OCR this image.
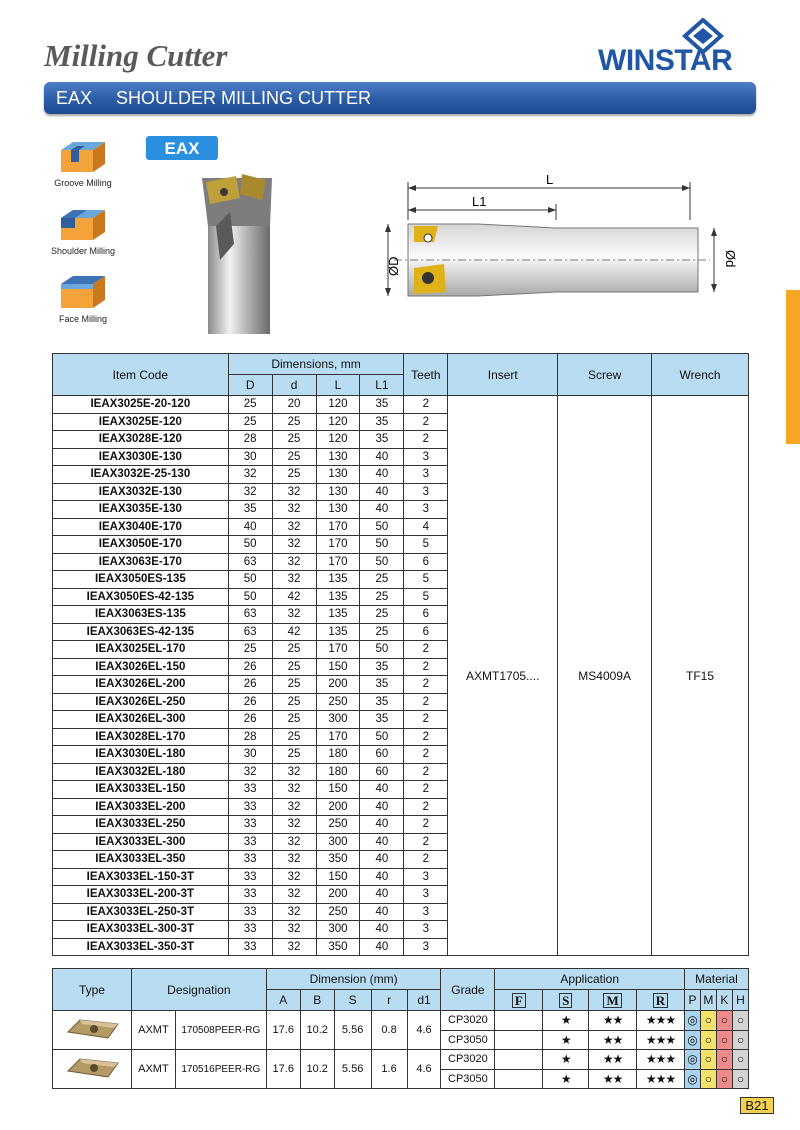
Milling Cutter	WINSTAR
EAX SHOULDER MILLING CUTTER
Groove Milling
Shoulder Milling
Face Milling
EAX
L
L1
ØD	Ød
Item Code	Dimensions, mm				Teeth	Insert	Screw	Wrench
	D	d	L	L1				
IEAX3025E-20-120	25	20	120	35	2	AXMT1705....	MS4009A	TF15
IEAX3025E-120	25	25	120	35	2			
IEAX3028E-120	28	25	120	35	2			
IEAX3030E-130	30	25	130	40	3			
IEAX3032E-25-130	32	25	130	40	3			
IEAX3032E-130	32	32	130	40	3			
IEAX3035E-130	35	32	130	40	3			
IEAX3040E-170	40	32	170	50	4			
IEAX3050E-170	50	32	170	50	5			
IEAX3063E-170	63	32	170	50	6			
IEAX3050ES-135	50	32	135	25	5			
IEAX3050ES-42-135	50	42	135	25	5			
IEAX3063ES-135	63	32	135	25	6			
IEAX3063ES-42-135	63	42	135	25	6			
IEAX3025EL-170	25	25	170	50	2			
IEAX3026EL-150	26	25	150	35	2			
IEAX3026EL-200	26	25	200	35	2			
IEAX3026EL-250	26	25	250	35	2			
IEAX3026EL-300	26	25	300	35	2			
IEAX3028EL-170	28	25	170	50	2			
IEAX3030EL-180	30	25	180	60	2			
IEAX3032EL-180	32	32	180	60	2			
IEAX3033EL-150	33	32	150	40	2			
IEAX3033EL-200	33	32	200	40	2			
IEAX3033EL-250	33	32	250	40	2			
IEAX3033EL-300	33	32	300	40	2			
IEAX3033EL-350	33	32	350	40	2			
IEAX3033EL-150-3T	33	32	150	40	3			
IEAX3033EL-200-3T	33	32	200	40	3			
IEAX3033EL-250-3T	33	32	250	40	3			
IEAX3033EL-300-3T	33	32	300	40	3			
IEAX3033EL-350-3T	33	32	350	40	3			
Type	Designation		Dimension (mm)					Grade	Application				Material			
			A	B	S	r	d1		F	S	M	R	P	M	K	H
	AXMT	170508PEER-RG	17.6	10.2	5.56	0.8	4.6	CP3020		★	★★	★★★	◎	○	○	○
								CP3050		★	★★	★★★	◎	○	○	○
	AXMT	170516PEER-RG	17.6	10.2	5.56	1.6	4.6	CP3020		★	★★	★★★	◎	○	○	○
								CP3050		★	★★	★★★	◎	○	○	○
B21
